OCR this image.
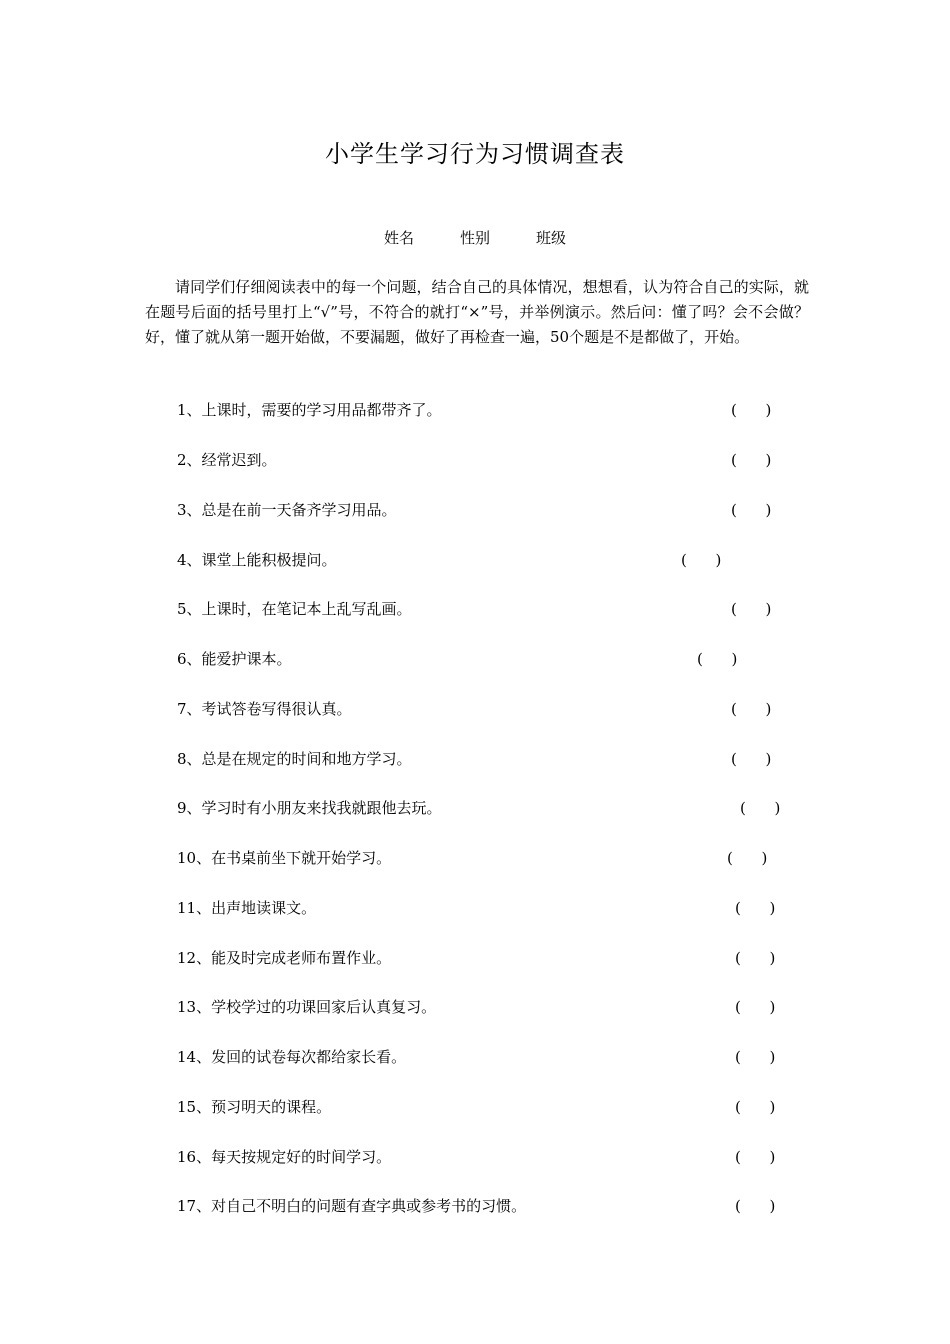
小学生学习行为习惯调查表
姓名	性别	班级

请同学们仔细阅读表中的每一个问题，结合自己的具体情况，想想看，认为符合自己的实际，就在题号后面的括号里打上“√”号，不符合的就打“×”号，并举例演示。然后问：懂了吗？会不会做？好，懂了就从第一题开始做，不要漏题，做好了再检查一遍，50个题是不是都做了，开始。

1、上课时，需要的学习用品都带齐了。	(      )
2、经常迟到。	(      )
3、总是在前一天备齐学习用品。	(      )
4、课堂上能积极提问。	(      )
5、上课时，在笔记本上乱写乱画。	(      )
6、能爱护课本。	(      )
7、考试答卷写得很认真。	(      )
8、总是在规定的时间和地方学习。	(      )
9、学习时有小朋友来找我就跟他去玩。	(      )
10、在书桌前坐下就开始学习。	(      )
11、出声地读课文。	(      )
12、能及时完成老师布置作业。	(      )
13、学校学过的功课回家后认真复习。	(      )
14、发回的试卷每次都给家长看。	(      )
15、预习明天的课程。	(      )
16、每天按规定好的时间学习。	(      )
17、对自己不明白的问题有查字典或参考书的习惯。	(      )
